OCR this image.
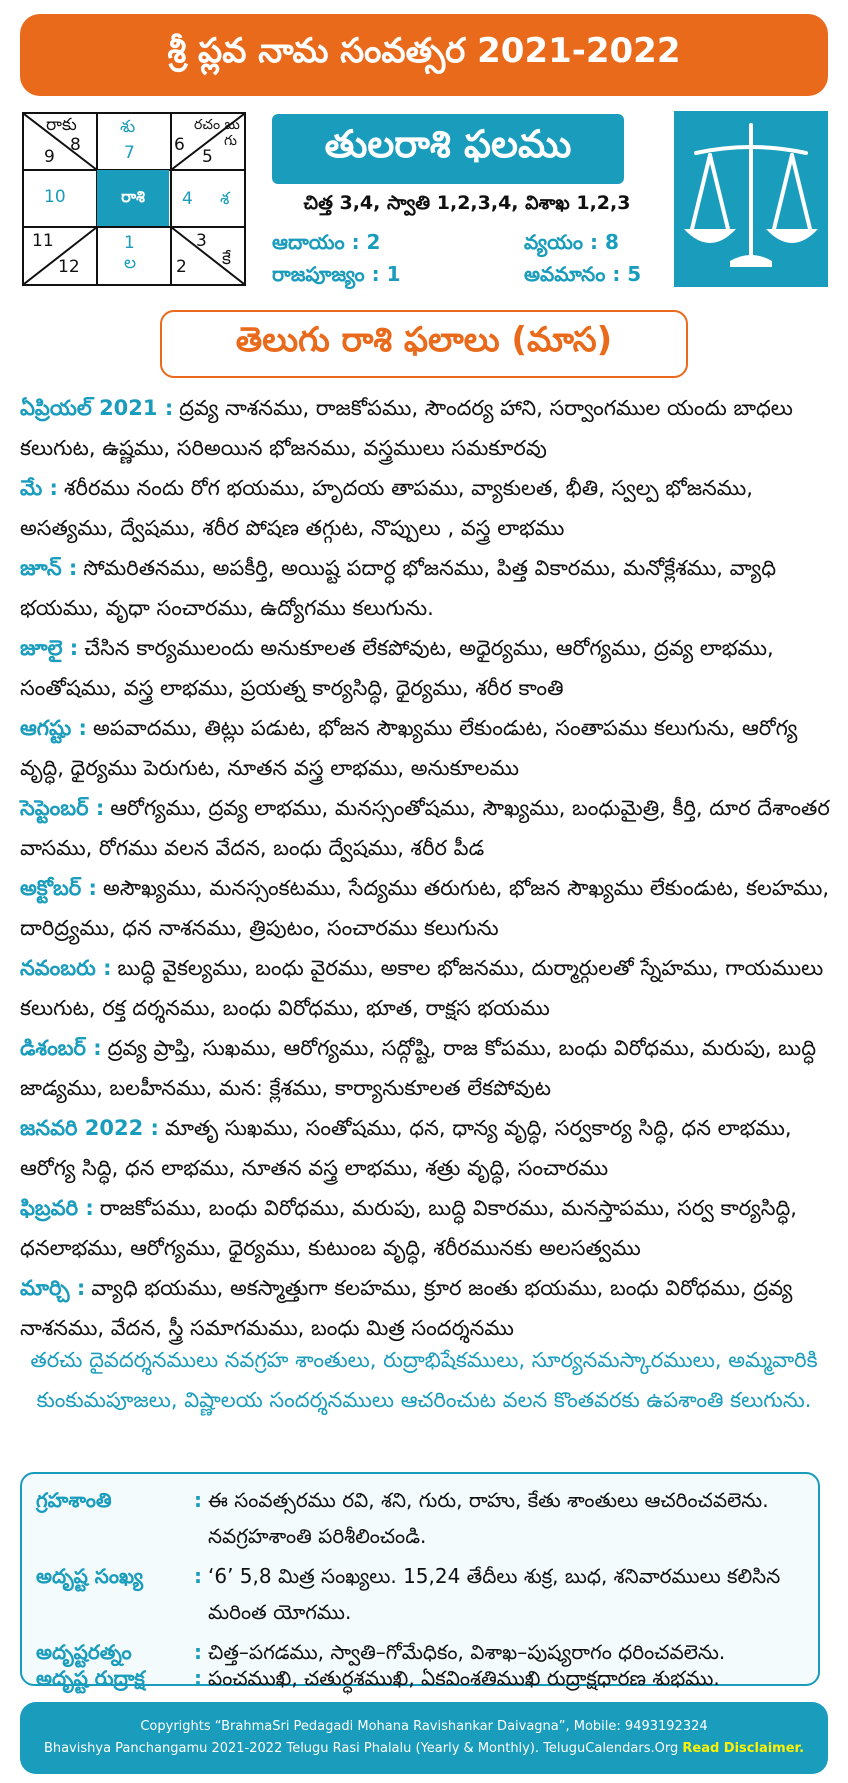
శ్రీ ప్లవ నామ సంవత్సర 2021-2022
రాకు
8
9
శు
7
రచం బు
గు
6
5
10	రాశి 4 శ
11
12
1
ల
3
2 కే
తులరాశి ఫలము
చిత్త 3,4, స్వాతి 1,2,3,4, విశాఖ 1,2,3
ఆదాయం : 2	వ్యయం : 8
రాజపూజ్యం : 1	అవమానం : 5
తెలుగు రాశి ఫలాలు (మాస)

ఏప్రియల్ 2021 : ద్రవ్య నాశనము, రాజకోపము, సౌందర్య హాని, సర్వాంగముల యందు బాధలు కలుగుట, ఉష్ణము, సరిఅయిన భోజనము, వస్త్రములు సమకూరవు

మే : శరీరము నందు రోగ భయము, హృదయ తాపము, వ్యాకులత, భీతి, స్వల్ప భోజనము, అసత్యము, ద్వేషము, శరీర పోషణ తగ్గుట, నొప్పులు , వస్త్ర లాభము

జూన్ : సోమరితనము, అపకీర్తి, అయిష్ట పదార్ధ భోజనము, పిత్త వికారము, మనోక్లేశము, వ్యాధి భయము, వృధా సంచారము, ఉద్యోగము కలుగును.

జూలై : చేసిన కార్యములందు అనుకూలత లేకపోవుట, అధైర్యము, ఆరోగ్యము, ద్రవ్య లాభము, సంతోషము, వస్త్ర లాభము, ప్రయత్న కార్యసిద్ధి, ధైర్యము, శరీర కాంతి

ఆగష్టు : అపవాదము, తిట్లు పడుట, భోజన సౌఖ్యము లేకుండుట, సంతాపము కలుగును, ఆరోగ్య వృద్ధి, ధైర్యము పెరుగుట, నూతన వస్త్ర లాభము, అనుకూలము

సెప్టెంబర్ : ఆరోగ్యము, ద్రవ్య లాభము, మనస్సంతోషము, సౌఖ్యము, బంధుమైత్రి, కీర్తి, దూర దేశాంతర వాసము, రోగము వలన వేదన, బంధు ద్వేషము, శరీర పీడ

అక్టోబర్ : అసౌఖ్యము, మనస్సంకటము, సేద్యము తరుగుట, భోజన సౌఖ్యము లేకుండుట, కలహము, దారిద్ర్యము, ధన నాశనము, త్రిపుటం, సంచారము కలుగును

నవంబరు : బుద్ధి వైకల్యము, బంధు వైరము, అకాల భోజనము, దుర్మార్గులతో స్నేహము, గాయములు కలుగుట, రక్త దర్శనము, బంధు విరోధము, భూత, రాక్షస భయము

డిశంబర్ : ద్రవ్య ప్రాప్తి, సుఖము, ఆరోగ్యము, సద్గోష్టి, రాజ కోపము, బంధు విరోధము, మరుపు, బుద్ధి జాడ్యము, బలహీనము, మన: క్లేశము, కార్యానుకూలత లేకపోవుట

జనవరి 2022 : మాతృ సుఖము, సంతోషము, ధన, ధాన్య వృద్ధి, సర్వకార్య సిద్ధి, ధన లాభము, ఆరోగ్య సిద్ధి, ధన లాభము, నూతన వస్త్ర లాభము, శత్రు వృద్ధి, సంచారము

ఫిబ్రవరి : రాజకోపము, బంధు విరోధము, మరుపు, బుద్ధి వికారము, మనస్తాపము, సర్వ కార్యసిద్ధి, ధనలాభము, ఆరోగ్యము, ధైర్యము, కుటుంబ వృద్ధి, శరీరమునకు అలసత్వము

మార్చి : వ్యాధి భయము, అకస్మాత్తుగా కలహము, క్రూర జంతు భయము, బంధు విరోధము, ద్రవ్య నాశనము, వేదన, స్త్రీ సమాగమము, బంధు మిత్ర సందర్శనము

తరచు దైవదర్శనములు నవగ్రహ శాంతులు, రుద్రాభిషేకములు, సూర్యనమస్కారములు, అమ్మవారికి కుంకుమపూజలు, విష్ణాలయ సందర్శనములు ఆచరించుట వలన కొంతవరకు ఉపశాంతి కలుగును.
గ్రహశాంతి	: ఈ సంవత్సరము రవి, శని, గురు, రాహు, కేతు శాంతులు ఆచరించవలెను. నవగ్రహశాంతి పరిశీలించండి.
అదృష్ట సంఖ్య	: ‘6’ 5,8 మిత్ర సంఖ్యలు. 15,24 తేదీలు శుక్ర, బుధ, శనివారములు కలిసిన మరింత యోగము.
అదృష్టరత్నం	: చిత్త–పగడము, స్వాతి–గోమేధికం, విశాఖ–పుష్యరాగం ధరించవలెను.
అదృష్ట రుద్రాక్ష	: పంచముఖి, చతుర్ధశముఖి, ఏకవింశతిముఖి రుద్రాక్షధారణ శుభము.
Copyrights “BrahmaSri Pedagadi Mohana Ravishankar Daivagna”, Mobile: 9493192324
Bhavishya Panchangamu 2021-2022 Telugu Rasi Phalalu (Yearly & Monthly). TeluguCalendars.Org Read Disclaimer.
